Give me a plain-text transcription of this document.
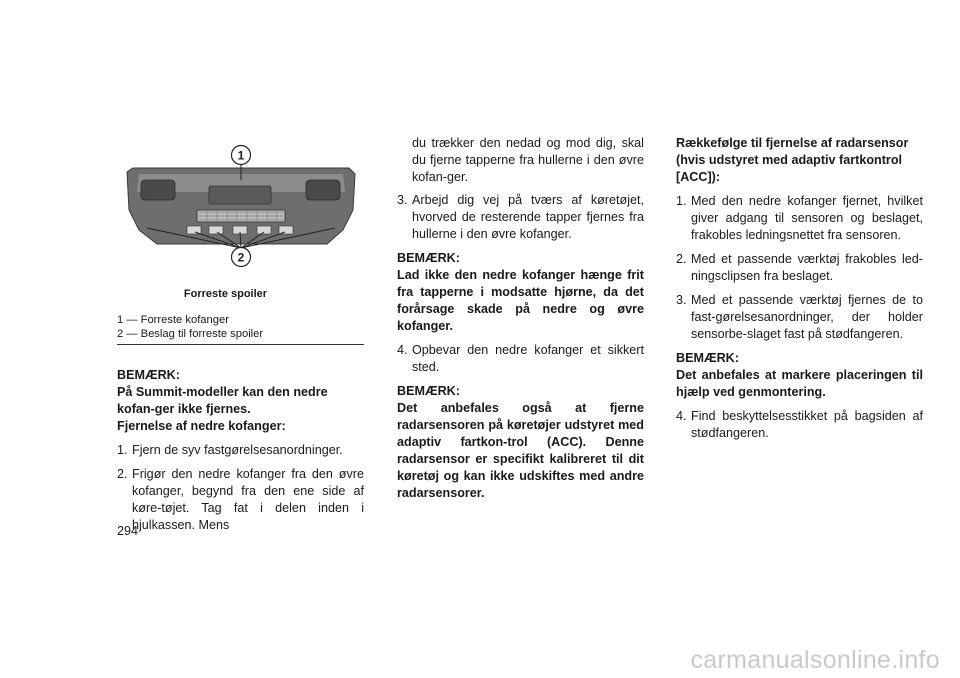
1
2
Forreste spoiler
1 — Forreste kofanger
2 — Beslag til forreste spoiler
BEMÆRK:
På Summit-modeller kan den nedre kofan-ger ikke fjernes.
Fjernelse af nedre kofanger:
1. Fjern de syv fastgørelsesanordninger.
2. Frigør den nedre kofanger fra den øvre kofanger, begynd fra den ene side af køre-tøjet. Tag fat i delen inden i hjulkassen. Mens
du trækker den nedad og mod dig, skal du fjerne tapperne fra hullerne i den øvre kofan-ger.
3. Arbejd dig vej på tværs af køretøjet, hvorved de resterende tapper fjernes fra hullerne i den øvre kofanger.
BEMÆRK:
Lad ikke den nedre kofanger hænge frit fra tapperne i modsatte hjørne, da det forårsage skade på nedre og øvre kofanger.
4. Opbevar den nedre kofanger et sikkert sted.
BEMÆRK:
Det anbefales også at fjerne radarsensoren på køretøjer udstyret med adaptiv fartkon-trol (ACC). Denne radarsensor er specifikt kalibreret til dit køretøj og kan ikke udskiftes med andre radarsensorer.
Rækkefølge til fjernelse af radarsensor (hvis udstyret med adaptiv fartkontrol [ACC]):
1. Med den nedre kofanger fjernet, hvilket giver adgang til sensoren og beslaget, frakobles ledningsnettet fra sensoren.
2. Med et passende værktøj frakobles led-ningsclipsen fra beslaget.
3. Med et passende værktøj fjernes de to fast-gørelsesanordninger, der holder sensorbe-slaget fast på stødfangeren.
BEMÆRK:
Det anbefales at markere placeringen til hjælp ved genmontering.
4. Find beskyttelsesstikket på bagsiden af stødfangeren.
294
carmanualsonline.info
